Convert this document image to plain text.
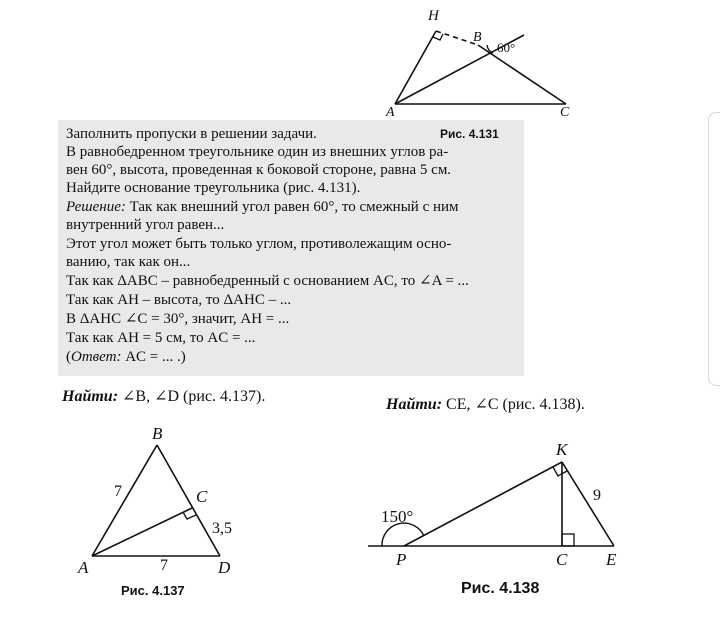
H
B
60°
A	C
Заполнить пропуски в решении задачи.	Рис. 4.131
В равнобедренном треугольнике один из внешних углов ра-
вен 60°, высота, проведенная к боковой стороне, равна 5 см.
Найдите основание треугольника (рис. 4.131).
Решение: Так как внешний угол равен 60°, то смежный с ним
внутренний угол равен...
Этот угол может быть только углом, противолежащим осно-
ванию, так как он...
Так как ΔABC – равнобедренный с основанием AC, то ∠A = ...
Так как AH – высота, то ΔAHC – ...
В ΔAHC ∠C = 30°, значит, AH = ...
Так как AH = 5 см, то AC = ...
(Ответ: AC = ... .)
Найти: ∠B, ∠D (рис. 4.137).	Найти: CE, ∠C (рис. 4.138).
B
C
A	D
7
7
3,5
Рис. 4.137
K
P	C E
150°
9
Рис. 4.138
